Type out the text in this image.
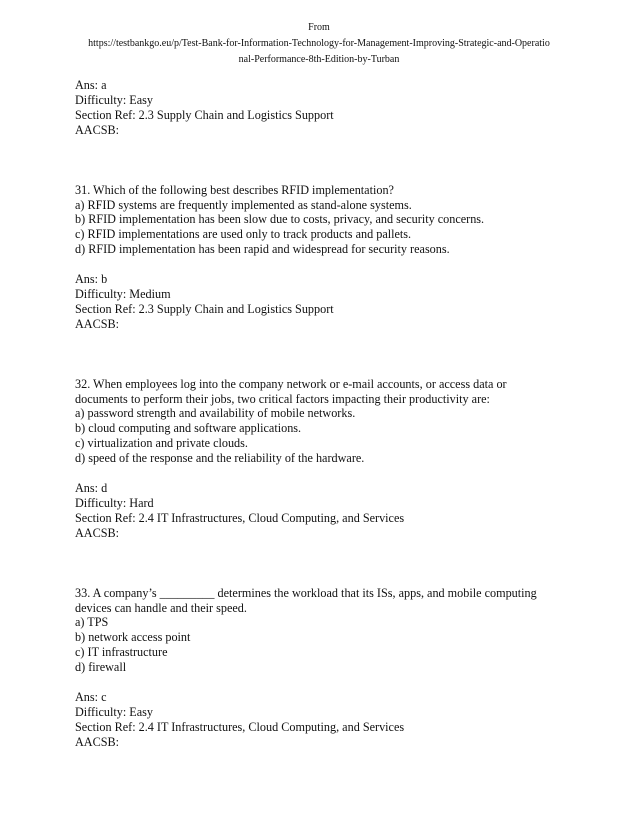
From
https://testbankgo.eu/p/Test-Bank-for-Information-Technology-for-Management-Improving-Strategic-and-Operatio
nal-Performance-8th-Edition-by-Turban
Ans: a
Difficulty: Easy
Section Ref: 2.3 Supply Chain and Logistics Support
AACSB:
31. Which of the following best describes RFID implementation?
a) RFID systems are frequently implemented as stand-alone systems.
b) RFID implementation has been slow due to costs, privacy, and security concerns.
c) RFID implementations are used only to track products and pallets.
d) RFID implementation has been rapid and widespread for security reasons.
Ans: b
Difficulty: Medium
Section Ref: 2.3 Supply Chain and Logistics Support
AACSB:
32. When employees log into the company network or e-mail accounts, or access data or
documents to perform their jobs, two critical factors impacting their productivity are:
a) password strength and availability of mobile networks.
b) cloud computing and software applications.
c) virtualization and private clouds.
d) speed of the response and the reliability of the hardware.
Ans: d
Difficulty: Hard
Section Ref: 2.4 IT Infrastructures, Cloud Computing, and Services
AACSB:
33. A company’s _________ determines the workload that its ISs, apps, and mobile computing
devices can handle and their speed.
a) TPS
b) network access point
c) IT infrastructure
d) firewall
Ans: c
Difficulty: Easy
Section Ref: 2.4 IT Infrastructures, Cloud Computing, and Services
AACSB:
